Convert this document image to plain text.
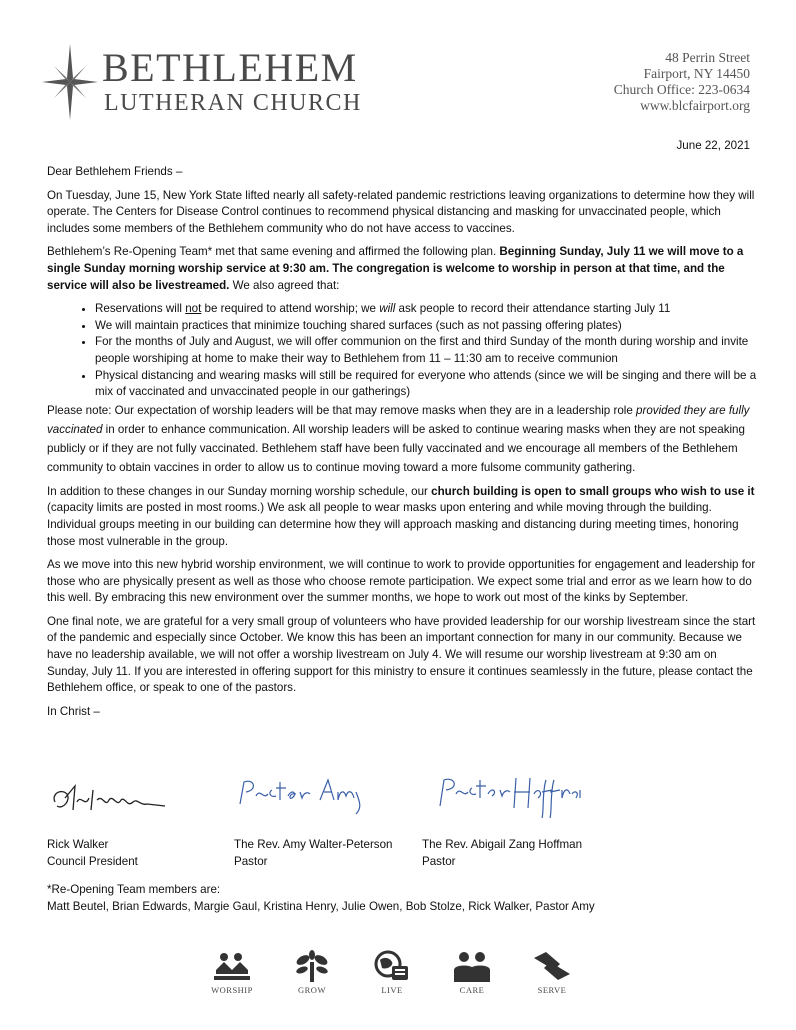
BETHLEHEM
LUTHERAN CHURCH
48 Perrin Street
Fairport, NY 14450
Church Office: 223-0634
www.blcfairport.org
June 22, 2021

Dear Bethlehem Friends –

On Tuesday, June 15, New York State lifted nearly all safety-related pandemic restrictions leaving organizations to determine how they will operate. The Centers for Disease Control continues to recommend physical distancing and masking for unvaccinated people, which includes some members of the Bethlehem community who do not have access to vaccines.

Bethlehem’s Re-Opening Team* met that same evening and affirmed the following plan. Beginning Sunday, July 11 we will move to a single Sunday morning worship service at 9:30 am. The congregation is welcome to worship in person at that time, and the service will also be livestreamed. We also agreed that:

• Reservations will not be required to attend worship; we will ask people to record their attendance starting July 11
• We will maintain practices that minimize touching shared surfaces (such as not passing offering plates)
• For the months of July and August, we will offer communion on the first and third Sunday of the month during worship and invite people worshiping at home to make their way to Bethlehem from 11 – 11:30 am to receive communion
• Physical distancing and wearing masks will still be required for everyone who attends (since we will be singing and there will be a mix of vaccinated and unvaccinated people in our gatherings)

Please note: Our expectation of worship leaders will be that may remove masks when they are in a leadership role provided they are fully vaccinated in order to enhance communication. All worship leaders will be asked to continue wearing masks when they are not speaking publicly or if they are not fully vaccinated. Bethlehem staff have been fully vaccinated and we encourage all members of the Bethlehem community to obtain vaccines in order to allow us to continue moving toward a more fulsome community gathering.

In addition to these changes in our Sunday morning worship schedule, our church building is open to small groups who wish to use it (capacity limits are posted in most rooms.) We ask all people to wear masks upon entering and while moving through the building. Individual groups meeting in our building can determine how they will approach masking and distancing during meeting times, honoring those most vulnerable in the group.

As we move into this new hybrid worship environment, we will continue to work to provide opportunities for engagement and leadership for those who are physically present as well as those who choose remote participation. We expect some trial and error as we learn how to do this well. By embracing this new environment over the summer months, we hope to work out most of the kinks by September.

One final note, we are grateful for a very small group of volunteers who have provided leadership for our worship livestream since the start of the pandemic and especially since October. We know this has been an important connection for many in our community. Because we have no leadership available, we will not offer a worship livestream on July 4. We will resume our worship livestream at 9:30 am on Sunday, July 11. If you are interested in offering support for this ministry to ensure it continues seamlessly in the future, please contact the Bethlehem office, or speak to one of the pastors.

In Christ –

Rick Walker
Council President
The Rev. Amy Walter-Peterson
Pastor
The Rev. Abigail Zang Hoffman
Pastor
*Re-Opening Team members are:
Matt Beutel, Brian Edwards, Margie Gaul, Kristina Henry, Julie Owen, Bob Stolze, Rick Walker, Pastor Amy
WORSHIP	GROW	LIVE	CARE	SERVE
